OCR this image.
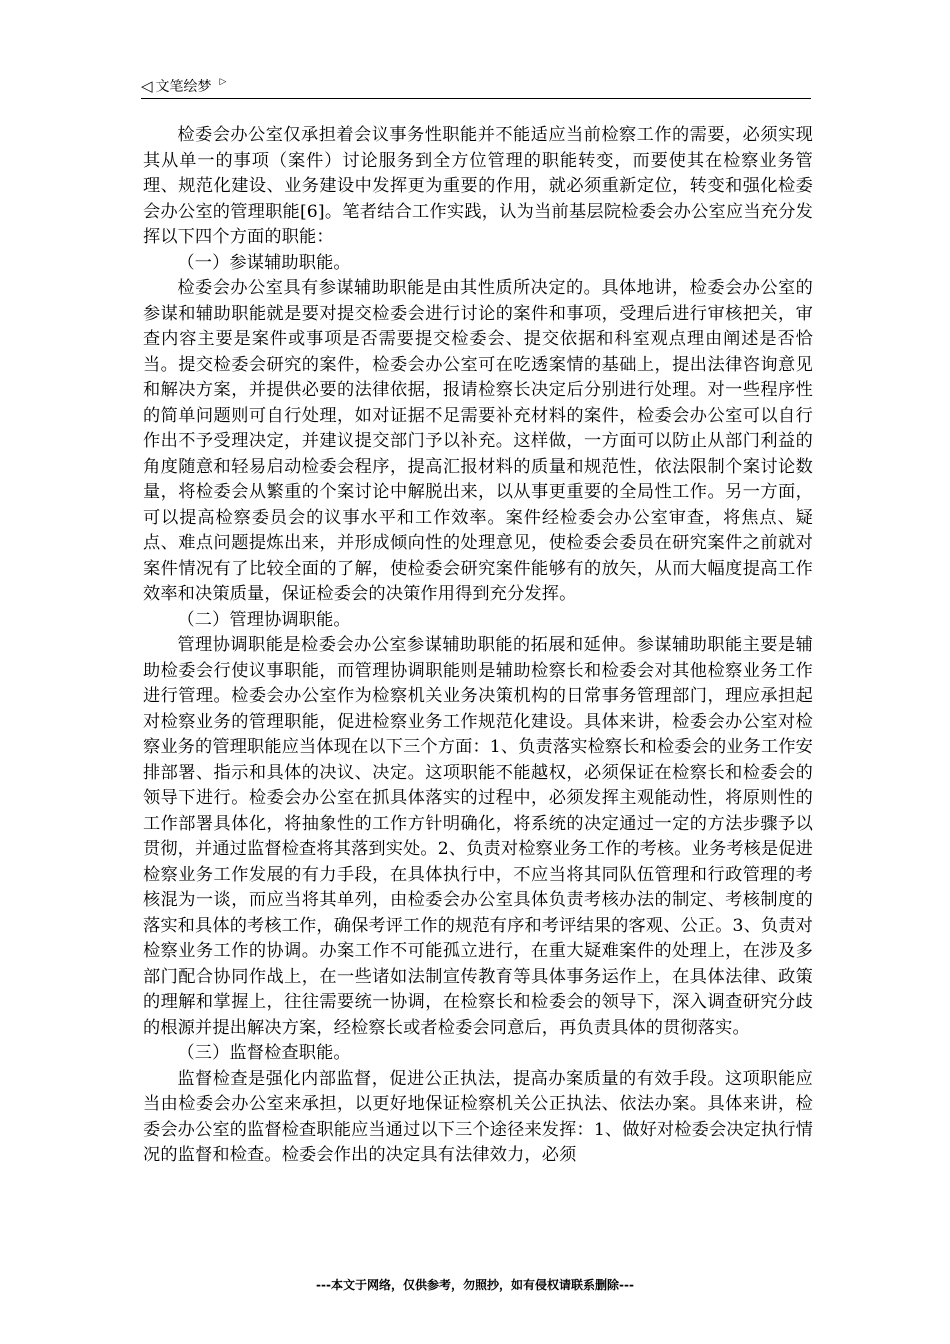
◁ 文笔绘梦 ▷

检委会办公室仅承担着会议事务性职能并不能适应当前检察工作的需要，必须实现其从单一的事项（案件）讨论服务到全方位管理的职能转变，而要使其在检察业务管理、规范化建设、业务建设中发挥更为重要的作用，就必须重新定位，转变和强化检委会办公室的管理职能[6]。笔者结合工作实践，认为当前基层院检委会办公室应当充分发挥以下四个方面的职能：

（一）参谋辅助职能。

检委会办公室具有参谋辅助职能是由其性质所决定的。具体地讲，检委会办公室的参谋和辅助职能就是要对提交检委会进行讨论的案件和事项，受理后进行审核把关，审查内容主要是案件或事项是否需要提交检委会、提交依据和科室观点理由阐述是否恰当。提交检委会研究的案件，检委会办公室可在吃透案情的基础上，提出法律咨询意见和解决方案，并提供必要的法律依据，报请检察长决定后分别进行处理。对一些程序性的简单问题则可自行处理，如对证据不足需要补充材料的案件，检委会办公室可以自行作出不予受理决定，并建议提交部门予以补充。这样做，一方面可以防止从部门利益的角度随意和轻易启动检委会程序，提高汇报材料的质量和规范性，依法限制个案讨论数量，将检委会从繁重的个案讨论中解脱出来，以从事更重要的全局性工作。另一方面，可以提高检察委员会的议事水平和工作效率。案件经检委会办公室审查，将焦点、疑点、难点问题提炼出来，并形成倾向性的处理意见，使检委会委员在研究案件之前就对案件情况有了比较全面的了解，使检委会研究案件能够有的放矢，从而大幅度提高工作效率和决策质量，保证检委会的决策作用得到充分发挥。

（二）管理协调职能。

管理协调职能是检委会办公室参谋辅助职能的拓展和延伸。参谋辅助职能主要是辅助检委会行使议事职能，而管理协调职能则是辅助检察长和检委会对其他检察业务工作进行管理。检委会办公室作为检察机关业务决策机构的日常事务管理部门，理应承担起对检察业务的管理职能，促进检察业务工作规范化建设。具体来讲，检委会办公室对检察业务的管理职能应当体现在以下三个方面：1、负责落实检察长和检委会的业务工作安排部署、指示和具体的决议、决定。这项职能不能越权，必须保证在检察长和检委会的领导下进行。检委会办公室在抓具体落实的过程中，必须发挥主观能动性，将原则性的工作部署具体化，将抽象性的工作方针明确化，将系统的决定通过一定的方法步骤予以贯彻，并通过监督检查将其落到实处。2、负责对检察业务工作的考核。业务考核是促进检察业务工作发展的有力手段，在具体执行中，不应当将其同队伍管理和行政管理的考核混为一谈，而应当将其单列，由检委会办公室具体负责考核办法的制定、考核制度的落实和具体的考核工作，确保考评工作的规范有序和考评结果的客观、公正。3、负责对检察业务工作的协调。办案工作不可能孤立进行，在重大疑难案件的处理上，在涉及多部门配合协同作战上，在一些诸如法制宣传教育等具体事务运作上，在具体法律、政策的理解和掌握上，往往需要统一协调，在检察长和检委会的领导下，深入调查研究分歧的根源并提出解决方案，经检察长或者检委会同意后，再负责具体的贯彻落实。

（三）监督检查职能。

监督检查是强化内部监督，促进公正执法，提高办案质量的有效手段。这项职能应当由检委会办公室来承担，以更好地保证检察机关公正执法、依法办案。具体来讲，检委会办公室的监督检查职能应当通过以下三个途径来发挥：1、做好对检委会决定执行情况的监督和检查。检委会作出的决定具有法律效力，必须

---本文于网络，仅供参考，勿照抄，如有侵权请联系删除---
